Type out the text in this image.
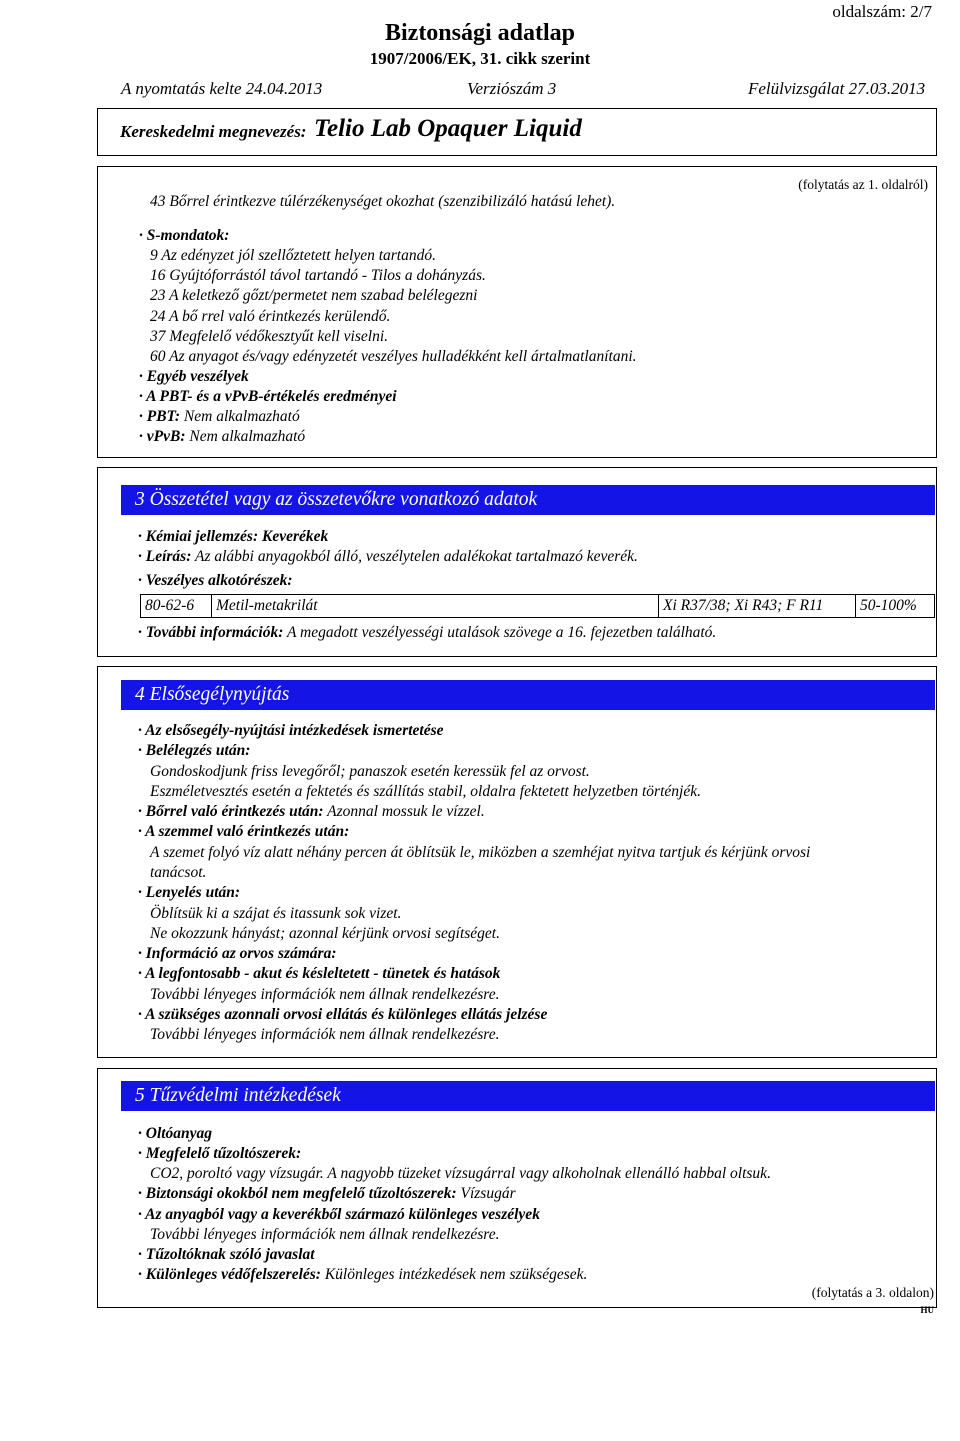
oldalszám: 2/7
Biztonsági adatlap
1907/2006/EK, 31. cikk szerint
A nyomtatás kelte 24.04.2013	Verziószám 3	Felülvizsgálat 27.03.2013
Kereskedelmi megnevezés: Telio Lab Opaquer Liquid
(folytatás az 1. oldalról)
43 Bőrrel érintkezve túlérzékenységet okozhat (szenzibilizáló hatású lehet).
· S-mondatok:
9 Az edényzet jól szellőztetett helyen tartandó.
16 Gyújtóforrástól távol tartandó - Tilos a dohányzás.
23 A keletkező gőzt/permetet nem szabad belélegezni
24 A bő rrel való érintkezés kerülendő.
37 Megfelelő védőkesztyűt kell viselni.
60 Az anyagot és/vagy edényzetét veszélyes hulladékként kell ártalmatlanítani.
· Egyéb veszélyek
· A PBT- és a vPvB-értékelés eredményei
· PBT: Nem alkalmazható
· vPvB: Nem alkalmazható
3 Összetétel vagy az összetevőkre vonatkozó adatok
· Kémiai jellemzés: Keverékek
· Leírás: Az alábbi anyagokból álló, veszélytelen adalékokat tartalmazó keverék.
· Veszélyes alkotórészek:
80-62-6	Metil-metakrilát	Xi R37/38; Xi R43; F R11	50-100%
· További információk: A megadott veszélyességi utalások szövege a 16. fejezetben található.
4 Elsősegélynyújtás
· Az elsősegély-nyújtási intézkedések ismertetése
· Belélegzés után:
Gondoskodjunk friss levegőről; panaszok esetén keressük fel az orvost.
Eszméletvesztés esetén a fektetés és szállítás stabil, oldalra fektetett helyzetben történjék.
· Bőrrel való érintkezés után: Azonnal mossuk le vízzel.
· A szemmel való érintkezés után:
A szemet folyó víz alatt néhány percen át öblítsük le, miközben a szemhéjat nyitva tartjuk és kérjünk orvosi
tanácsot.
· Lenyelés után:
Öblítsük ki a szájat és itassunk sok vizet.
Ne okozzunk hányást; azonnal kérjünk orvosi segítséget.
· Információ az orvos számára:
· A legfontosabb - akut és késleltetett - tünetek és hatások
További lényeges információk nem állnak rendelkezésre.
· A szükséges azonnali orvosi ellátás és különleges ellátás jelzése
További lényeges információk nem állnak rendelkezésre.
5 Tűzvédelmi intézkedések
· Oltóanyag
· Megfelelő tűzoltószerek:
CO2, poroltó vagy vízsugár. A nagyobb tüzeket vízsugárral vagy alkoholnak ellenálló habbal oltsuk.
· Biztonsági okokból nem megfelelő tűzoltószerek: Vízsugár
· Az anyagból vagy a keverékből származó különleges veszélyek
További lényeges információk nem állnak rendelkezésre.
· Tűzoltóknak szóló javaslat
· Különleges védőfelszerelés: Különleges intézkedések nem szükségesek.
(folytatás a 3. oldalon)
HU
